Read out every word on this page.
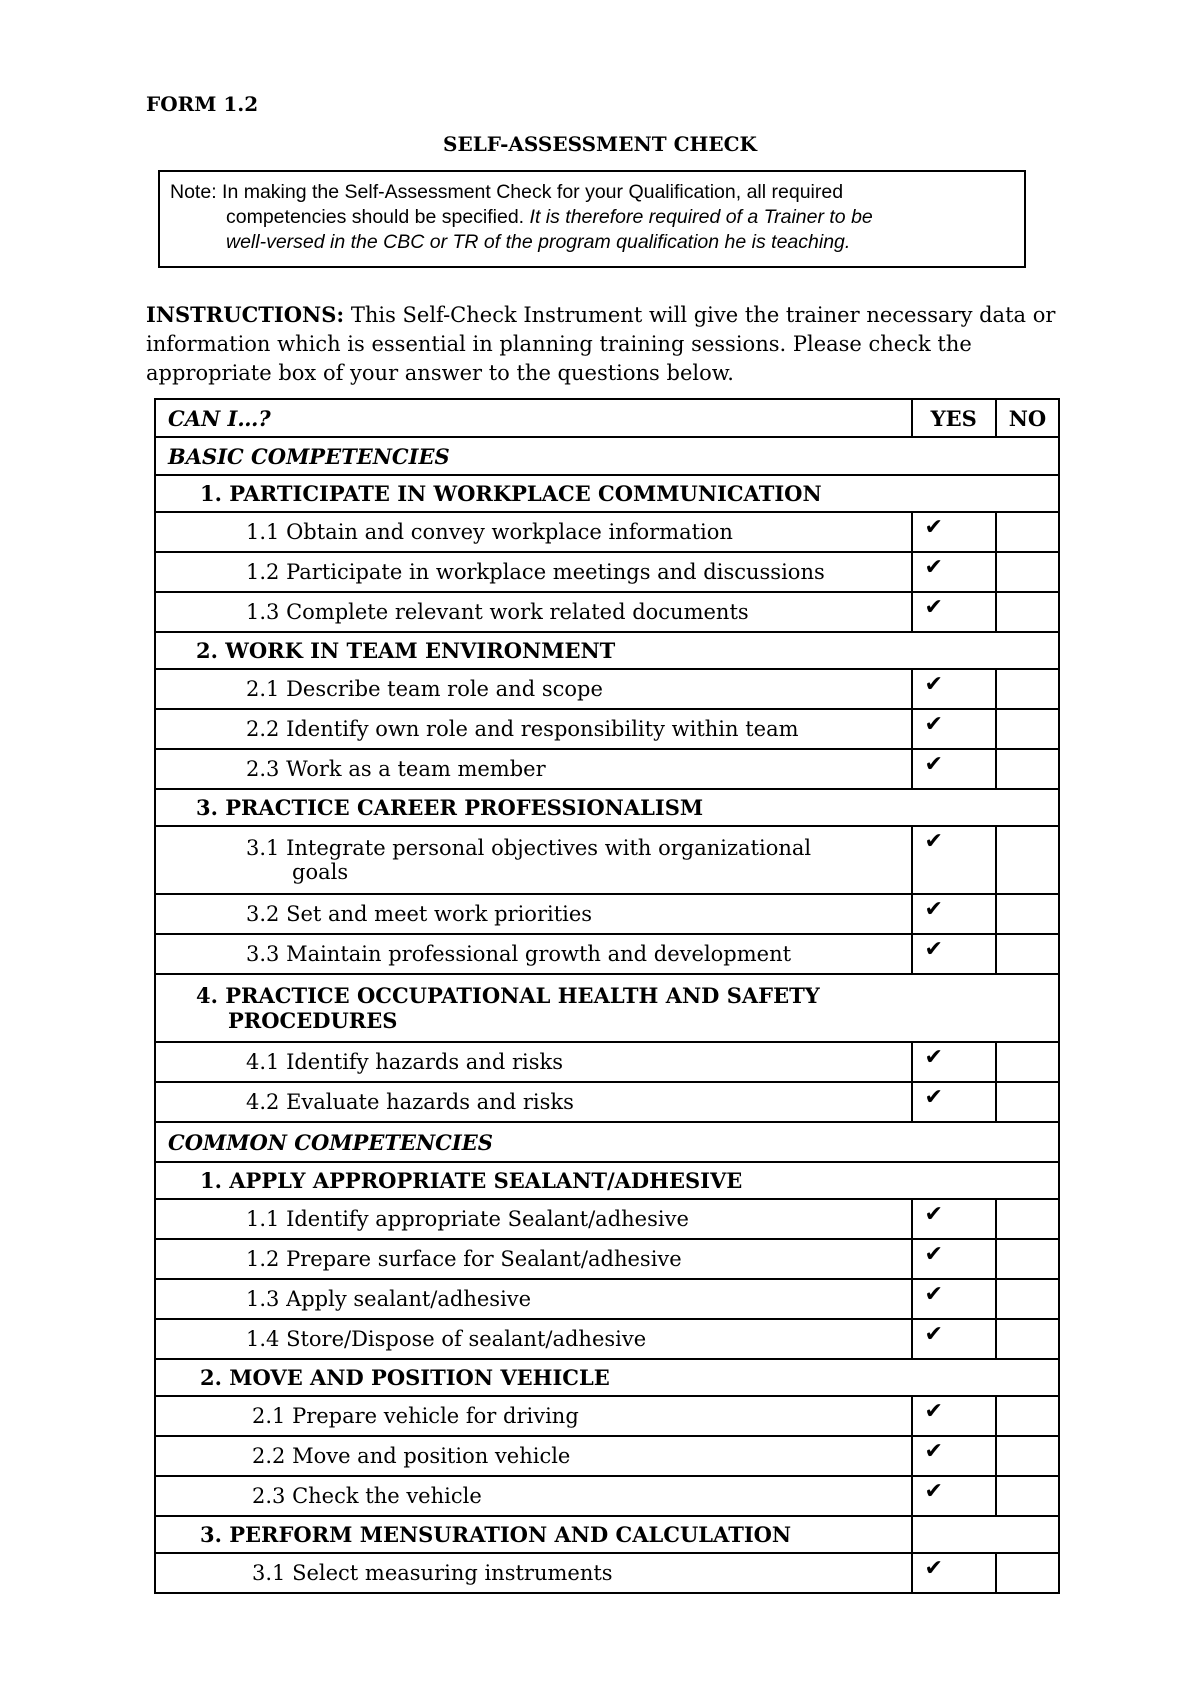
FORM 1.2
SELF-ASSESSMENT CHECK
Note: In making the Self-Assessment Check for your Qualification, all required
competencies should be specified. It is therefore required of a Trainer to be
well-versed in the CBC or TR of the program qualification he is teaching.
INSTRUCTIONS: This Self-Check Instrument will give the trainer necessary data or information which is essential in planning training sessions. Please check the appropriate box of your answer to the questions below.
CAN I…?	YES	NO
BASIC COMPETENCIES		
1. PARTICIPATE IN WORKPLACE COMMUNICATION		
1.1 Obtain and convey workplace information	✔	
1.2 Participate in workplace meetings and discussions	✔	
1.3 Complete relevant work related documents	✔	
2. WORK IN TEAM ENVIRONMENT		
2.1 Describe team role and scope	✔	
2.2 Identify own role and responsibility within team	✔	
2.3 Work as a team member	✔	
3. PRACTICE CAREER PROFESSIONALISM		
3.1 Integrate personal objectives with organizational
goals	✔	
3.2 Set and meet work priorities	✔	
3.3 Maintain professional growth and development	✔	
4. PRACTICE OCCUPATIONAL HEALTH AND SAFETY
PROCEDURES		

4.1 Identify hazards and risks	✔	
4.2 Evaluate hazards and risks	✔	
COMMON COMPETENCIES		
1. APPLY APPROPRIATE SEALANT/ADHESIVE		
1.1 Identify appropriate Sealant/adhesive	✔	
1.2 Prepare surface for Sealant/adhesive	✔	
1.3 Apply sealant/adhesive	✔	
1.4 Store/Dispose of sealant/adhesive	✔	
2. MOVE AND POSITION VEHICLE		
2.1 Prepare vehicle for driving	✔	
2.2 Move and position vehicle	✔	
2.3 Check the vehicle	✔	
3. PERFORM MENSURATION AND CALCULATION		
3.1 Select measuring instruments	✔	
